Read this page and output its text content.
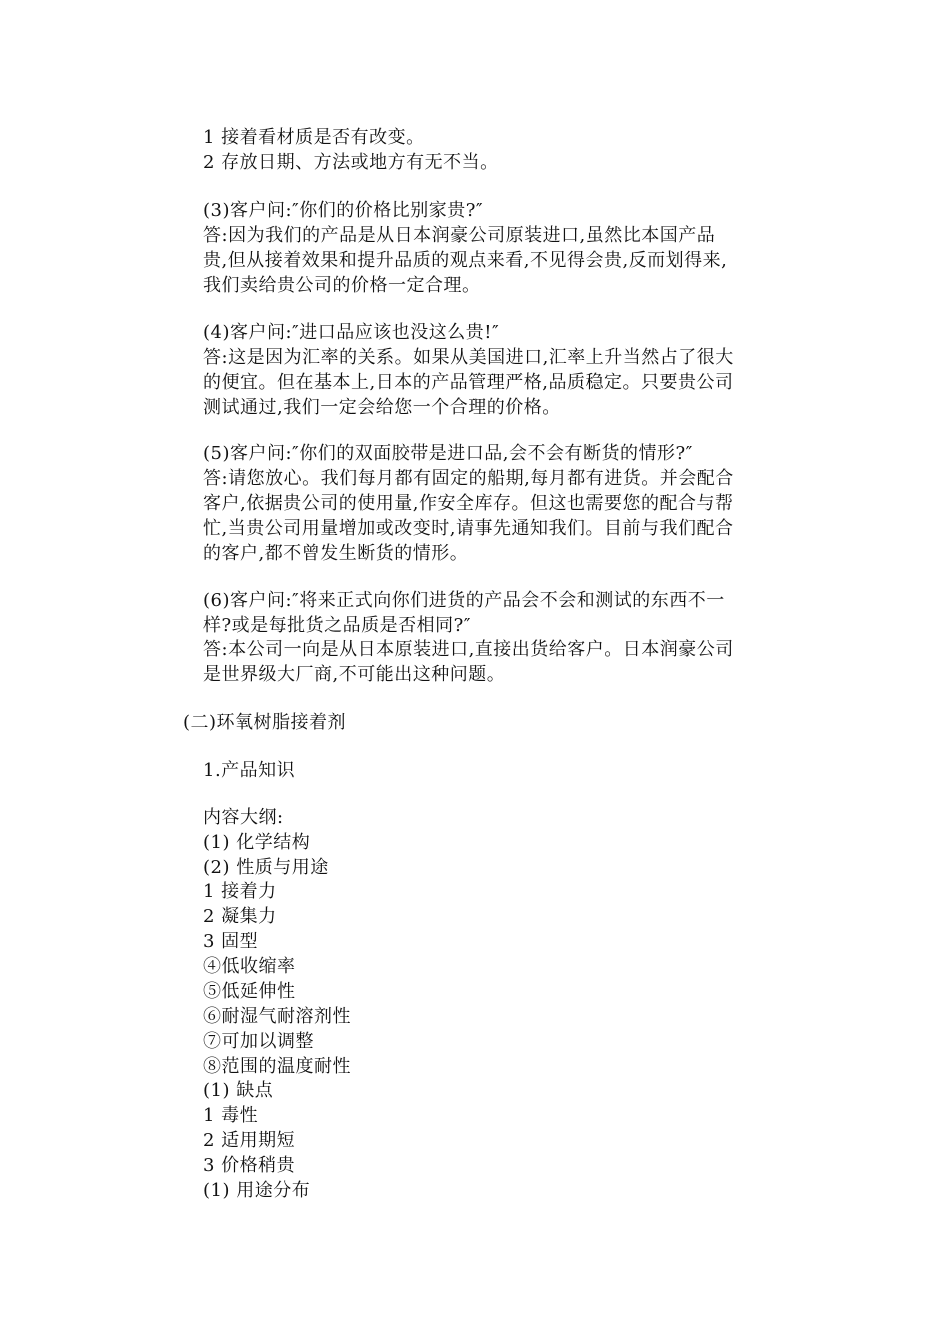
1 接着看材质是否有改变。
2 存放日期、方法或地方有无不当。
(3)客户问:″你们的价格比别家贵?″
答:因为我们的产品是从日本润豪公司原装进口,虽然比本国产品
贵,但从接着效果和提升品质的观点来看,不见得会贵,反而划得来,
我们卖给贵公司的价格一定合理。
(4)客户问:″进口品应该也没这么贵!″
答:这是因为汇率的关系。如果从美国进口,汇率上升当然占了很大
的便宜。但在基本上,日本的产品管理严格,品质稳定。只要贵公司
测试通过,我们一定会给您一个合理的价格。
(5)客户问:″你们的双面胶带是进口品,会不会有断货的情形?″
答:请您放心。我们每月都有固定的船期,每月都有进货。并会配合
客户,依据贵公司的使用量,作安全库存。但这也需要您的配合与帮
忙,当贵公司用量增加或改变时,请事先通知我们。目前与我们配合
的客户,都不曾发生断货的情形。
(6)客户问:″将来正式向你们进货的产品会不会和测试的东西不一
样?或是每批货之品质是否相同?″
答:本公司一向是从日本原装进口,直接出货给客户。日本润豪公司
是世界级大厂商,不可能出这种问题。
(二)环氧树脂接着剂
1.产品知识
内容大纲:
(1) 化学结构
(2) 性质与用途
1 接着力
2 凝集力
3 固型
④低收缩率
⑤低延伸性
⑥耐湿气耐溶剂性
⑦可加以调整
⑧范围的温度耐性
(1) 缺点
1 毒性
2 适用期短
3 价格稍贵
(1) 用途分布
